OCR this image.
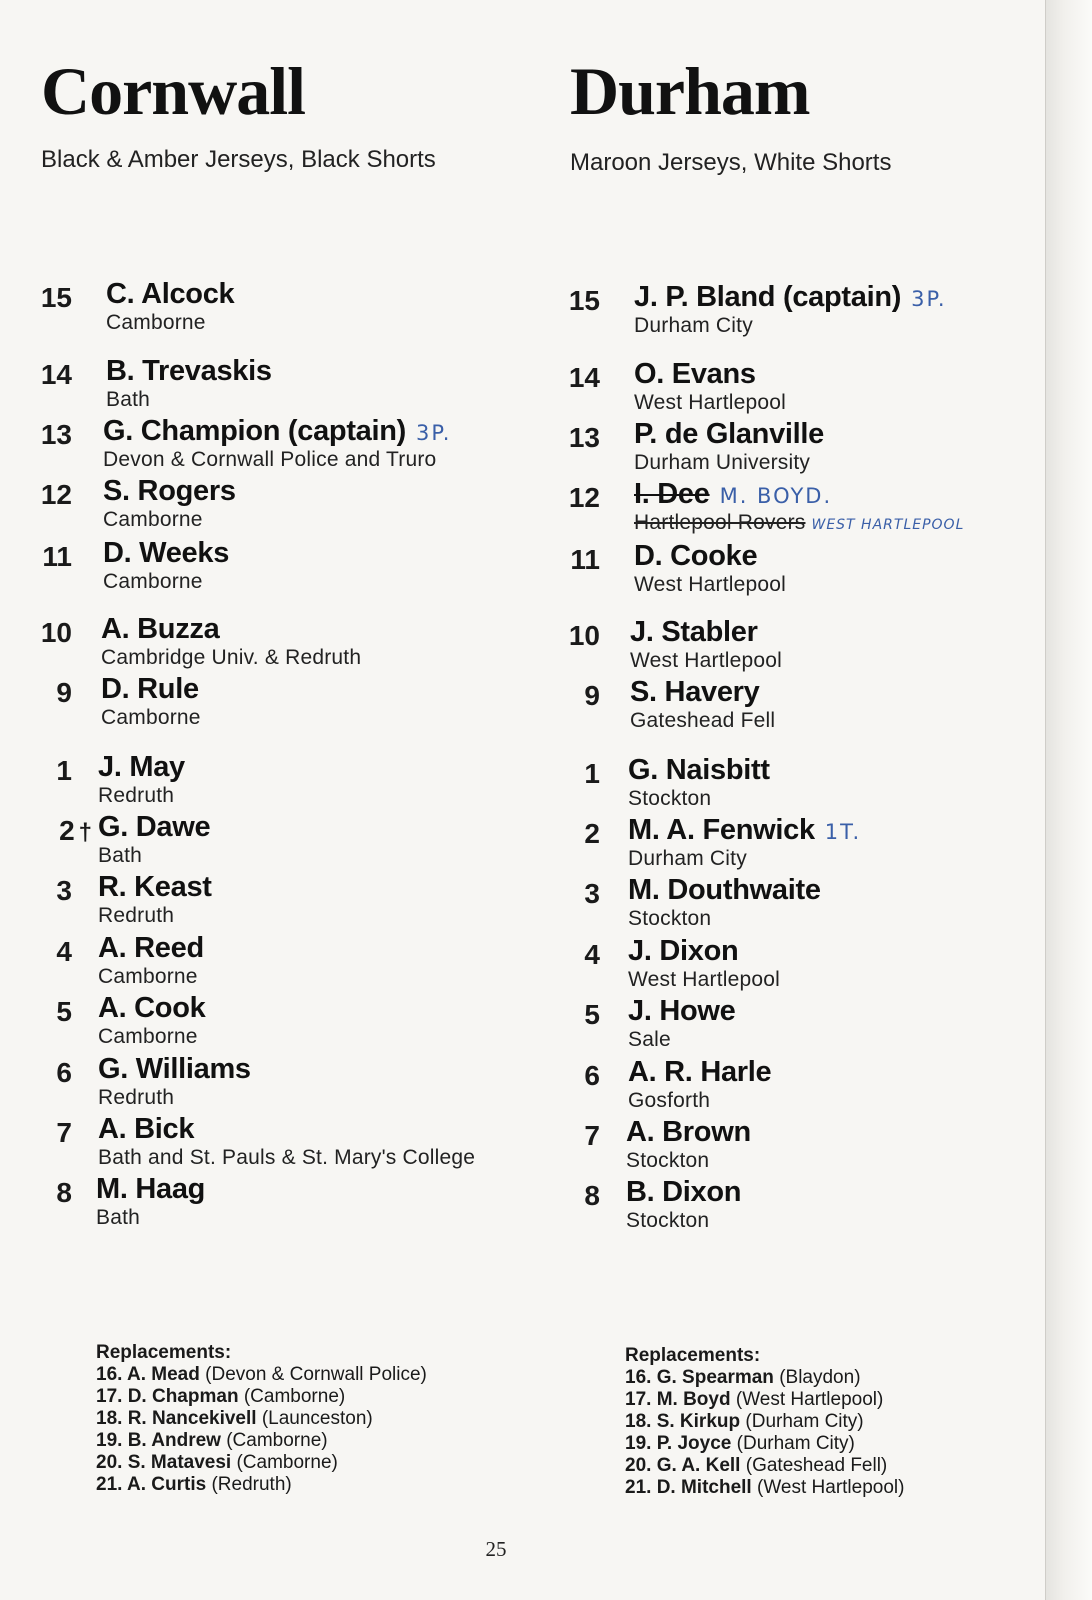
Cornwall
Black & Amber Jerseys, Black Shorts
15 C. Alcock
Camborne
14 B. Trevaskis
Bath
13 G. Champion (captain) 3P.
Devon & Cornwall Police and Truro
12 S. Rogers
Camborne
11 D. Weeks
Camborne
10 A. Buzza
Cambridge Univ. & Redruth
9 D. Rule
Camborne
1 J. May
Redruth
2 † G. Dawe
Bath
3 R. Keast
Redruth
4 A. Reed
Camborne
5 A. Cook
Camborne
6 G. Williams
Redruth
7 A. Bick
Bath and St. Pauls & St. Mary's College
8 M. Haag
Bath
Replacements:
16. A. Mead (Devon & Cornwall Police)
17. D. Chapman (Camborne)
18. R. Nancekivell (Launceston)
19. B. Andrew (Camborne)
20. S. Matavesi (Camborne)
21. A. Curtis (Redruth)
Durham
Maroon Jerseys, White Shorts
15 J. P. Bland (captain) 3P.
Durham City
14 O. Evans
West Hartlepool
13 P. de Glanville
Durham University
12 I. Dee M. BOYD.
Hartlepool Rovers WEST HARTLEPOOL
11 D. Cooke
West Hartlepool
10 J. Stabler
West Hartlepool
9 S. Havery
Gateshead Fell
1 G. Naisbitt
Stockton
2 M. A. Fenwick 1T.
Durham City
3 M. Douthwaite
Stockton
4 J. Dixon
West Hartlepool
5 J. Howe
Sale
6 A. R. Harle
Gosforth
7 A. Brown
Stockton
8 B. Dixon
Stockton
Replacements:
16. G. Spearman (Blaydon)
17. M. Boyd (West Hartlepool)
18. S. Kirkup (Durham City)
19. P. Joyce (Durham City)
20. G. A. Kell (Gateshead Fell)
21. D. Mitchell (West Hartlepool)
25
